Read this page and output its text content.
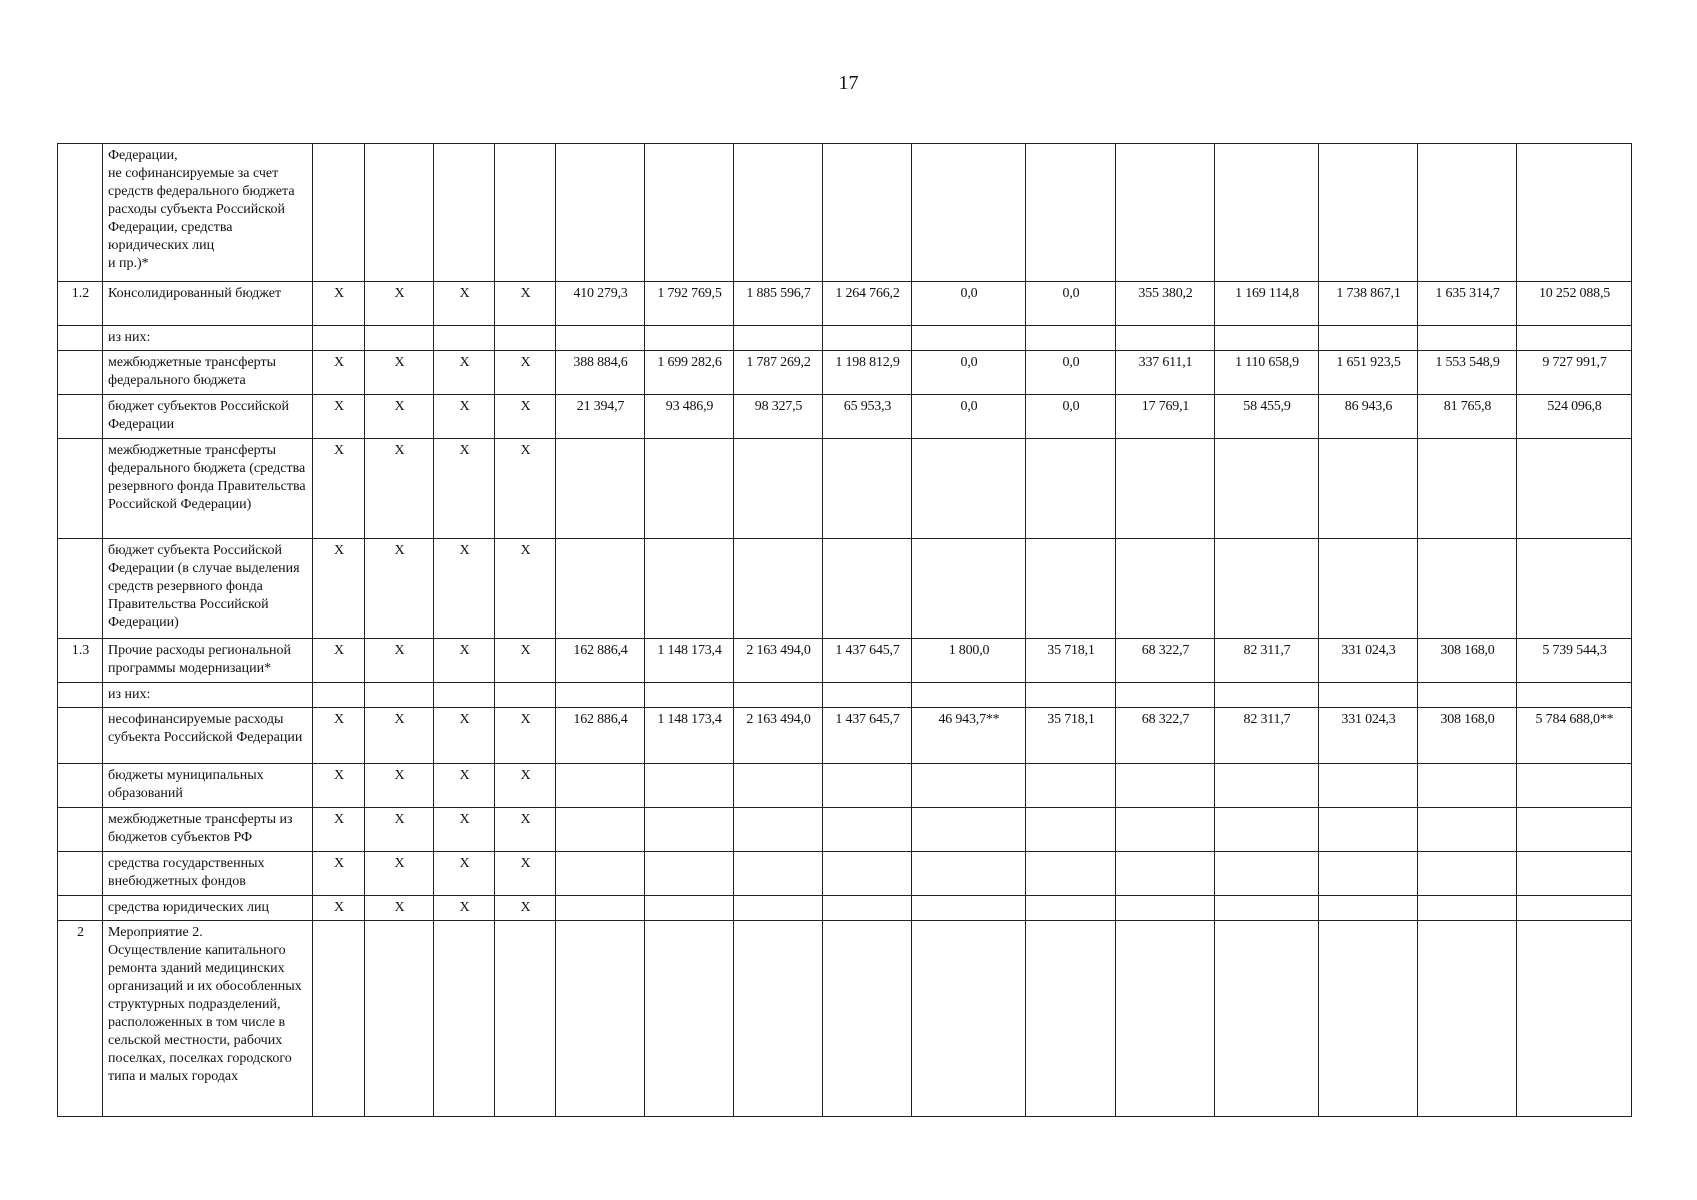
17
	Федерации,
не софинансируемые за счет средств федерального бюджета расходы субъекта Российской Федерации, средства юридических лиц
и пр.)*															
1.2	Консолидированный бюджет	X	X	X	X	410 279,3	1 792 769,5	1 885 596,7	1 264 766,2	0,0	0,0	355 380,2	1 169 114,8	1 738 867,1	1 635 314,7	10 252 088,5
	из них:															
	межбюджетные трансферты федерального бюджета	X	X	X	X	388 884,6	1 699 282,6	1 787 269,2	1 198 812,9	0,0	0,0	337 611,1	1 110 658,9	1 651 923,5	1 553 548,9	9 727 991,7
	бюджет субъектов Российской Федерации	X	X	X	X	21 394,7	93 486,9	98 327,5	65 953,3	0,0	0,0	17 769,1	58 455,9	86 943,6	81 765,8	524 096,8
	межбюджетные трансферты федерального бюджета (средства резервного фонда Правительства Российской Федерации)	X	X	X	X											
	бюджет субъекта Российской Федерации (в случае выделения средств резервного фонда Правительства Российской Федерации)	X	X	X	X											
1.3	Прочие расходы региональной программы модернизации*	X	X	X	X	162 886,4	1 148 173,4	2 163 494,0	1 437 645,7	1 800,0	35 718,1	68 322,7	82 311,7	331 024,3	308 168,0	5 739 544,3
	из них:															
	несофинансируемые расходы субъекта Российской Федерации	X	X	X	X	162 886,4	1 148 173,4	2 163 494,0	1 437 645,7	46 943,7**	35 718,1	68 322,7	82 311,7	331 024,3	308 168,0	5 784 688,0**
	бюджеты муниципальных образований	X	X	X	X											
	межбюджетные трансферты из бюджетов субъектов РФ	X	X	X	X											
	средства государственных внебюджетных фондов	X	X	X	X											
	средства юридических лиц	X	X	X	X											
2	Мероприятие 2.
Осуществление капитального ремонта зданий медицинских организаций и их обособленных структурных подразделений, расположенных в том числе в сельской местности, рабочих поселках, поселках городского типа и малых городах															
